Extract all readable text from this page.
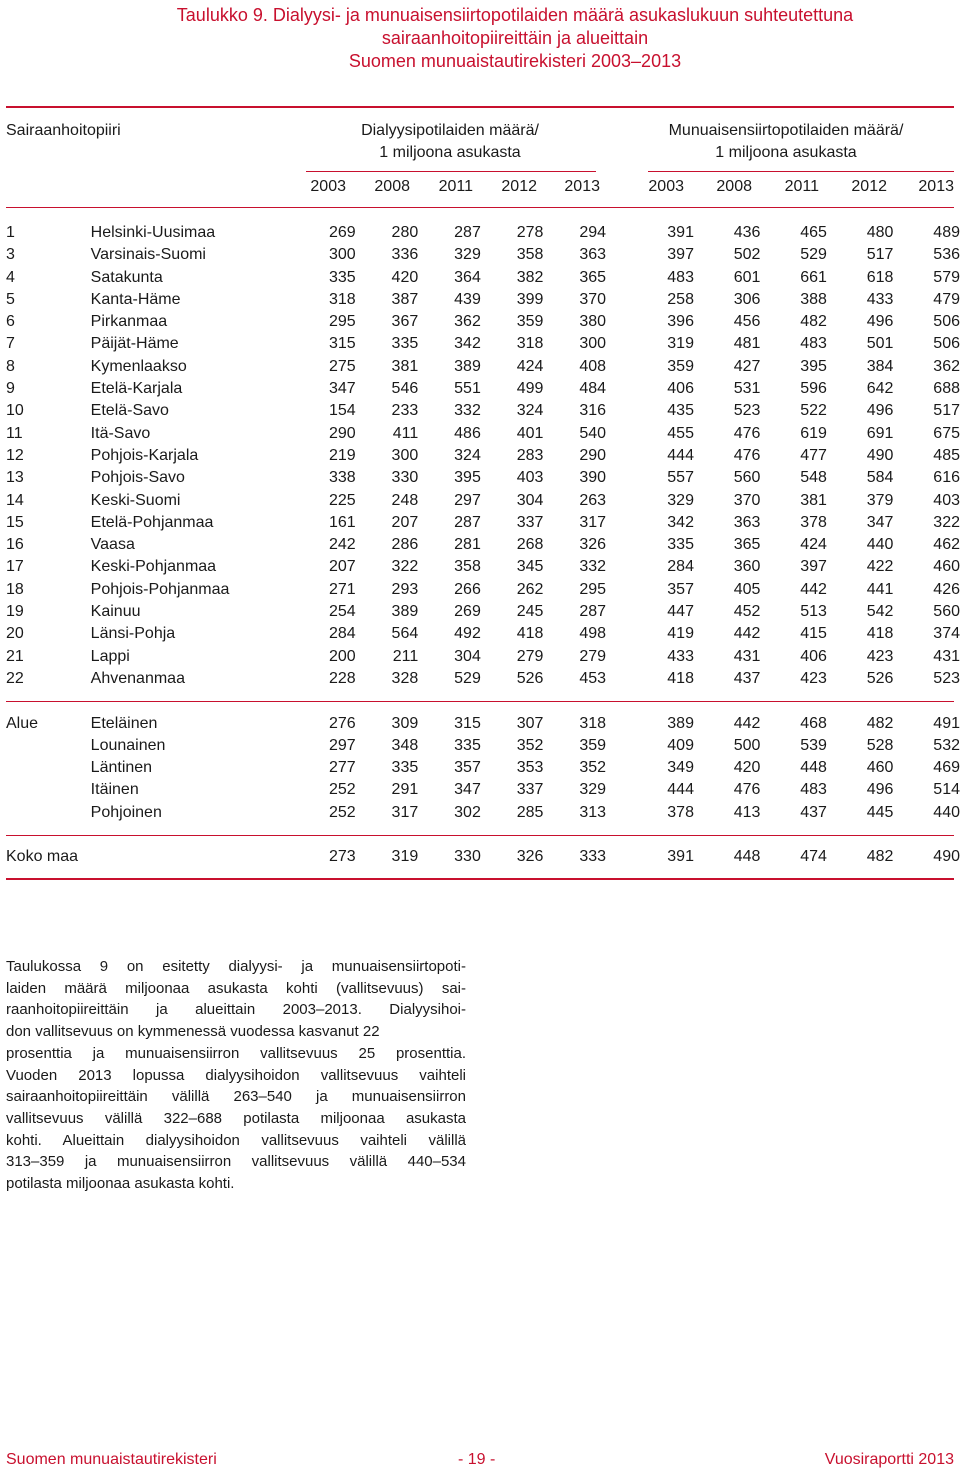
Taulukko 9. Dialyysi- ja munuaisensiirtopotilaiden määrä asukaslukuun suhteutettuna
sairaanhoitopiireittäin ja alueittain
Suomen munuaistautirekisteri 2003–2013
Sairaanhoitopiiri	Dialyysipotilaiden määrä/
1 miljoona asukasta
Munuaisensiirtopotilaiden määrä/
1 miljoona asukasta
2003	2008	2011	2012	2013	2003	2008	2011	2012	2013
1	Helsinki-Uusimaa	269	280	287	278	294		391	436	465	480	489
3	Varsinais-Suomi	300	336	329	358	363		397	502	529	517	536
4	Satakunta	335	420	364	382	365		483	601	661	618	579
5	Kanta-Häme	318	387	439	399	370		258	306	388	433	479
6	Pirkanmaa	295	367	362	359	380		396	456	482	496	506
7	Päijät-Häme	315	335	342	318	300		319	481	483	501	506
8	Kymenlaakso	275	381	389	424	408		359	427	395	384	362
9	Etelä-Karjala	347	546	551	499	484		406	531	596	642	688
10	Etelä-Savo	154	233	332	324	316		435	523	522	496	517
11	Itä-Savo	290	411	486	401	540		455	476	619	691	675
12	Pohjois-Karjala	219	300	324	283	290		444	476	477	490	485
13	Pohjois-Savo	338	330	395	403	390		557	560	548	584	616
14	Keski-Suomi	225	248	297	304	263		329	370	381	379	403
15	Etelä-Pohjanmaa	161	207	287	337	317		342	363	378	347	322
16	Vaasa	242	286	281	268	326		335	365	424	440	462
17	Keski-Pohjanmaa	207	322	358	345	332		284	360	397	422	460
18	Pohjois-Pohjanmaa	271	293	266	262	295		357	405	442	441	426
19	Kainuu	254	389	269	245	287		447	452	513	542	560
20	Länsi-Pohja	284	564	492	418	498		419	442	415	418	374
21	Lappi	200	211	304	279	279		433	431	406	423	431
22	Ahvenanmaa	228	328	529	526	453		418	437	423	526	523

Alue	Eteläinen	276	309	315	307	318		389	442	468	482	491
	Lounainen	297	348	335	352	359		409	500	539	528	532
	Läntinen	277	335	357	353	352		349	420	448	460	469
	Itäinen	252	291	347	337	329		444	476	483	496	514
	Pohjoinen	252	317	302	285	313		378	413	437	445	440

Koko maa		273	319	330	326	333		391	448	474	482	490
Taulukossa 9 on esitetty dialyysi- ja munuaisensiirtopoti-
laiden määrä miljoonaa asukasta kohti (vallitsevuus) sai-
raanhoitopiireittäin ja alueittain 2003–2013. Dialyysihoi-
don vallitsevuus on kymmenessä vuodessa kasvanut 22
prosenttia ja munuaisensiirron vallitsevuus 25 prosenttia.
Vuoden 2013 lopussa dialyysihoidon vallitsevuus vaihteli
sairaanhoitopiireittäin välillä 263–540 ja munuaisensiirron
vallitsevuus välillä 322–688 potilasta miljoonaa asukasta
kohti. Alueittain dialyysihoidon vallitsevuus vaihteli välillä
313–359 ja munuaisensiirron vallitsevuus välillä 440–534
potilasta miljoonaa asukasta kohti.
Suomen munuaistautirekisteri	- 19 -	Vuosiraportti 2013
